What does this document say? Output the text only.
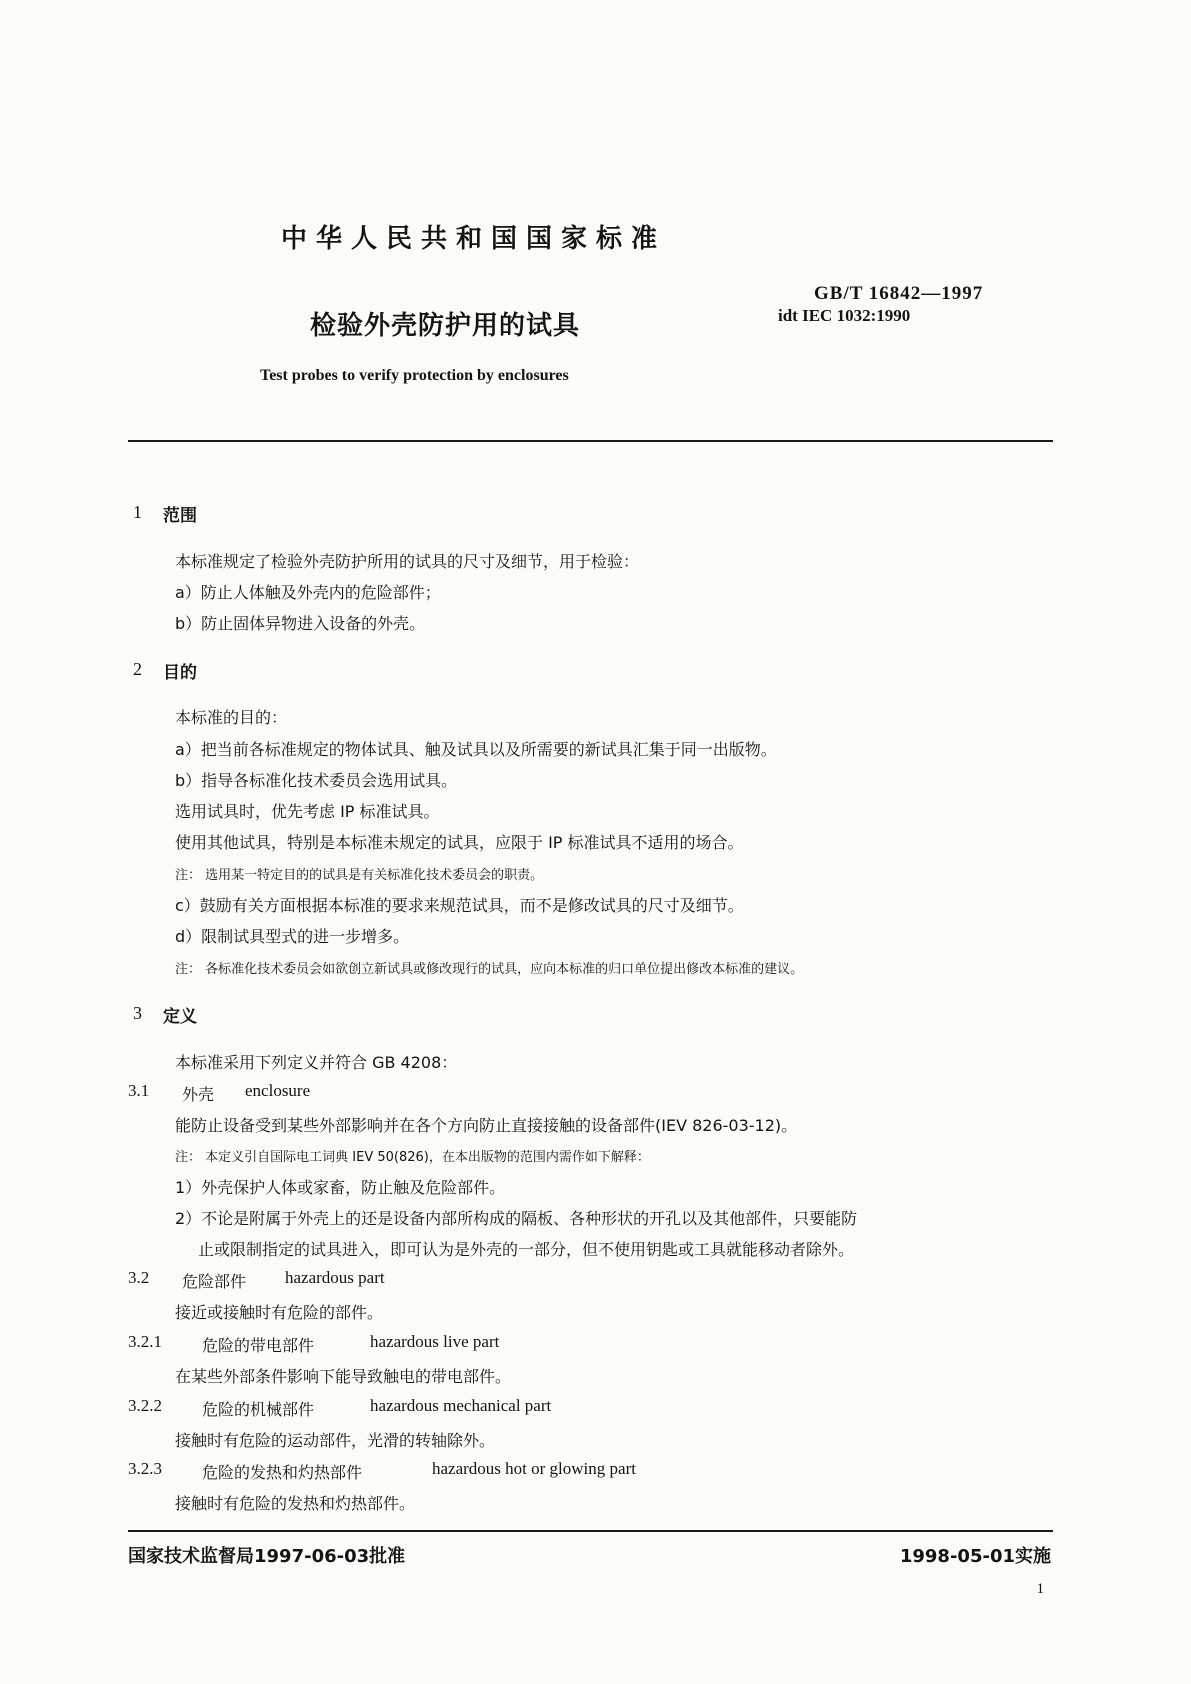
中华人民共和国国家标准
检验外壳防护用的试具
Test probes to verify protection by enclosures
GB/T 16842—1997
idt IEC 1032:1990
1 范围
本标准规定了检验外壳防护所用的试具的尺寸及细节，用于检验：
a）防止人体触及外壳内的危险部件；
b）防止固体异物进入设备的外壳。
2 目的
本标准的目的：
a）把当前各标准规定的物体试具、触及试具以及所需要的新试具汇集于同一出版物。
b）指导各标准化技术委员会选用试具。
选用试具时，优先考虑 IP 标准试具。
使用其他试具，特别是本标准未规定的试具，应限于 IP 标准试具不适用的场合。
注： 选用某一特定目的的试具是有关标准化技术委员会的职责。
c）鼓励有关方面根据本标准的要求来规范试具，而不是修改试具的尺寸及细节。
d）限制试具型式的进一步增多。
注： 各标准化技术委员会如欲创立新试具或修改现行的试具，应向本标准的归口单位提出修改本标准的建议。
3 定义
本标准采用下列定义并符合 GB 4208：
3.1 外壳 enclosure
能防止设备受到某些外部影响并在各个方向防止直接接触的设备部件(IEV 826-03-12)。
注： 本定义引自国际电工词典 IEV 50(826)，在本出版物的范围内需作如下解释：
1）外壳保护人体或家畜，防止触及危险部件。
2）不论是附属于外壳上的还是设备内部所构成的隔板、各种形状的开孔以及其他部件，只要能防
止或限制指定的试具进入，即可认为是外壳的一部分，但不使用钥匙或工具就能移动者除外。
3.2 危险部件 hazardous part
接近或接触时有危险的部件。
3.2.1	危险的带电部件	hazardous live part
在某些外部条件影响下能导致触电的带电部件。
3.2.2	危险的机械部件	hazardous mechanical part
接触时有危险的运动部件，光滑的转轴除外。
3.2.3	危险的发热和灼热部件	hazardous hot or glowing part
接触时有危险的发热和灼热部件。
国家技术监督局1997-06-03批准	1998-05-01实施
1
